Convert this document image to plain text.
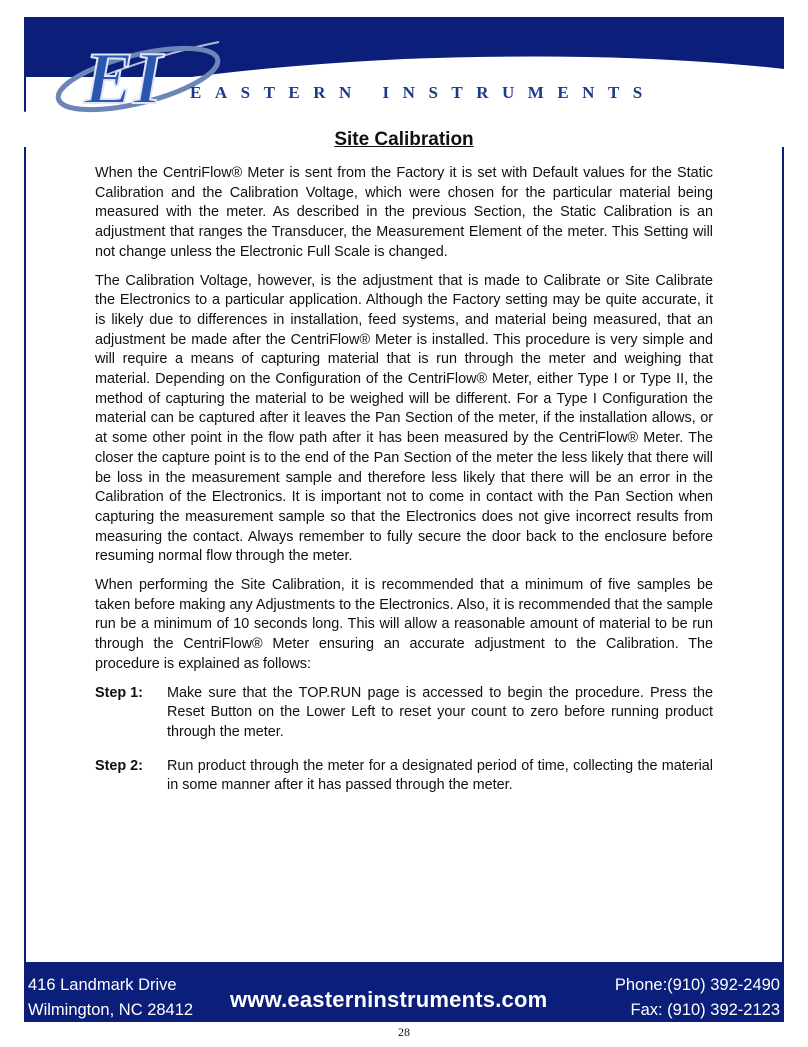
EI EASTERN INSTRUMENTS
Site Calibration

When the CentriFlow® Meter is sent from the Factory it is set with Default values for the Static Calibration and the Calibration Voltage, which were chosen for the particular material being measured with the meter. As described in the previous Section, the Static Calibration is an adjustment that ranges the Transducer, the Measurement Element of the meter. This Setting will not change unless the Electronic Full Scale is changed.

The Calibration Voltage, however, is the adjustment that is made to Calibrate or Site Calibrate the Electronics to a particular application. Although the Factory setting may be quite accurate, it is likely due to differences in installation, feed systems, and material being measured, that an adjustment be made after the CentriFlow® Meter is installed. This procedure is very simple and will require a means of capturing material that is run through the meter and weighing that material. Depending on the Configuration of the CentriFlow® Meter, either Type I or Type II, the method of capturing the material to be weighed will be different. For a Type I Configuration the material can be captured after it leaves the Pan Section of the meter, if the installation allows, or at some other point in the flow path after it has been measured by the CentriFlow® Meter. The closer the capture point is to the end of the Pan Section of the meter the less likely that there will be loss in the measurement sample and therefore less likely that there will be an error in the Calibration of the Electronics. It is important not to come in contact with the Pan Section when capturing the measurement sample so that the Electronics does not give incorrect results from measuring the contact. Always remember to fully secure the door back to the enclosure before resuming normal flow through the meter.

When performing the Site Calibration, it is recommended that a minimum of five samples be taken before making any Adjustments to the Electronics. Also, it is recommended that the sample run be a minimum of 10 seconds long. This will allow a reasonable amount of material to be run through the CentriFlow® Meter ensuring an accurate adjustment to the Calibration. The procedure is explained as follows:

Step 1:	Make sure that the TOP.RUN page is accessed to begin the procedure. Press the Reset Button on the Lower Left to reset your count to zero before running product through the meter.
Step 2:	Run product through the meter for a designated period of time, collecting the material in some manner after it has passed through the meter.
416 Landmark Drive
Wilmington, NC 28412 www.easterninstruments.com
Phone:(910) 392-2490
Fax: (910) 392-2123
28
